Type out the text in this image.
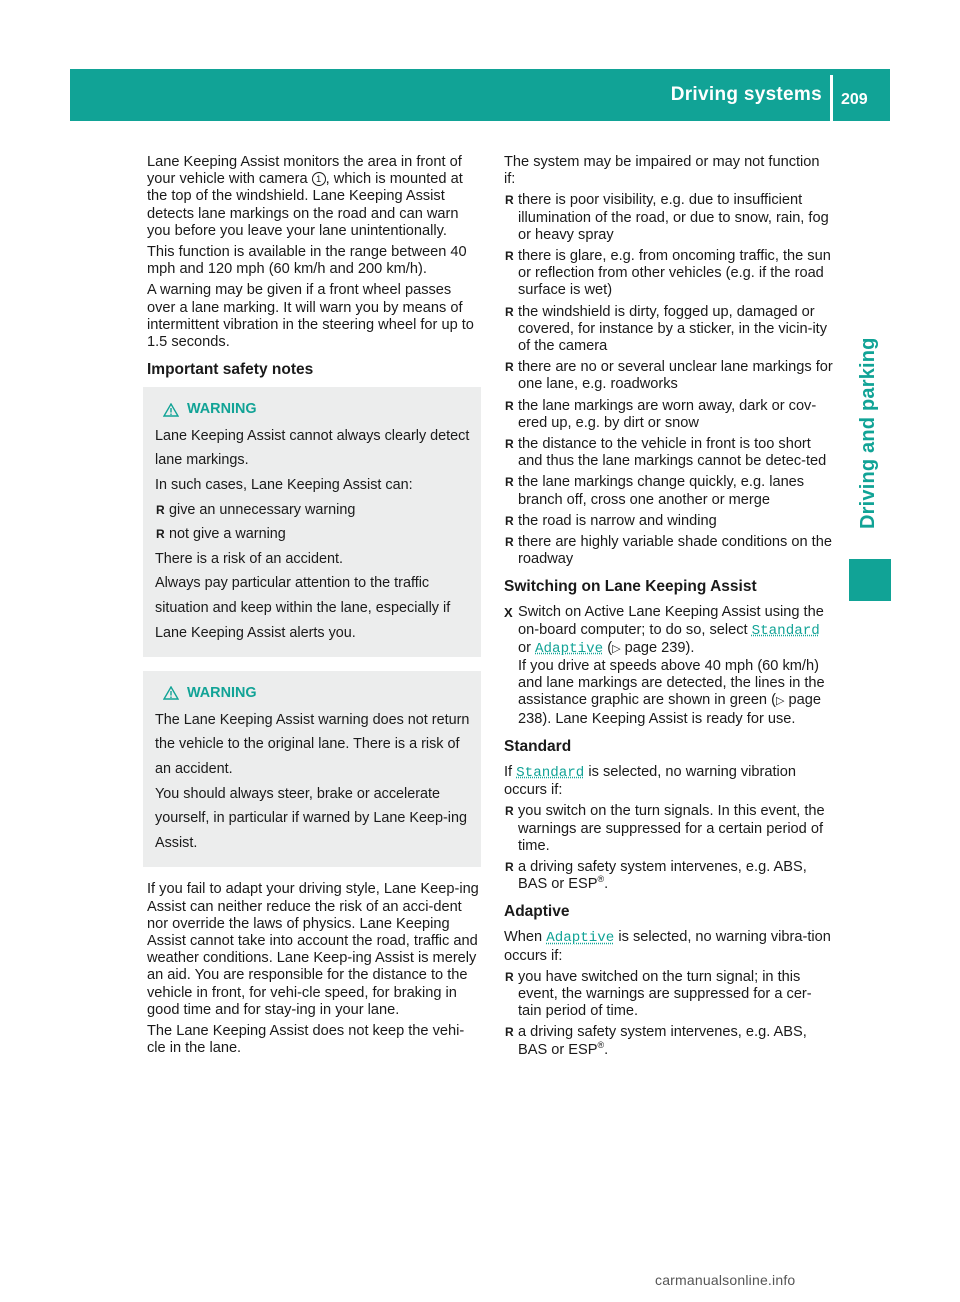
Driving systems 209
Driving and parking

Lane Keeping Assist monitors the area in front of your vehicle with camera 1 , which is mounted at the top of the windshield. Lane Keeping Assist detects lane markings on the road and can warn you before you leave your lane unintentionally.

This function is available in the range between 40 mph and 120 mph (60 km/h and 200 km/h).

A warning may be given if a front wheel passes over a lane marking. It will warn you by means of intermittent vibration in the steering wheel for up to 1.5 seconds.

Important safety notes
WARNING

Lane Keeping Assist cannot always clearly detect lane markings.

In such cases, Lane Keeping Assist can:

R give an unnecessary warning
R not give a warning

There is a risk of an accident.

Always pay particular attention to the traffic situation and keep within the lane, especially if Lane Keeping Assist alerts you.

WARNING

The Lane Keeping Assist warning does not return the vehicle to the original lane. There is a risk of an accident.

You should always steer, brake or accelerate yourself, in particular if warned by Lane Keep-ing Assist.

If you fail to adapt your driving style, Lane Keep-ing Assist can neither reduce the risk of an acci-dent nor override the laws of physics. Lane Keeping Assist cannot take into account the road, traffic and weather conditions. Lane Keep-ing Assist is merely an aid. You are responsible for the distance to the vehicle in front, for vehi-cle speed, for braking in good time and for stay-ing in your lane.

The Lane Keeping Assist does not keep the vehi-cle in the lane.

The system may be impaired or may not function if:

R there is poor visibility, e.g. due to insufficient illumination of the road, or due to snow, rain, fog or heavy spray
R there is glare, e.g. from oncoming traffic, the sun or reflection from other vehicles (e.g. if the road surface is wet)
R the windshield is dirty, fogged up, damaged or covered, for instance by a sticker, in the vicin-ity of the camera
R there are no or several unclear lane markings for one lane, e.g. roadworks
R the lane markings are worn away, dark or cov-ered up, e.g. by dirt or snow
R the distance to the vehicle in front is too short and thus the lane markings cannot be detec-ted
R the lane markings change quickly, e.g. lanes branch off, cross one another or merge
R the road is narrow and winding
R there are highly variable shade conditions on the roadway
Switching on Lane Keeping Assist
X Switch on Active Lane Keeping Assist using the on-board computer; to do so, select Standard or Adaptive (▷ page 239).
If you drive at speeds above 40 mph (60 km/h) and lane markings are detected, the lines in the assistance graphic are shown in green (▷ page 238). Lane Keeping Assist is ready for use.
Standard

If Standard is selected, no warning vibration occurs if:

R you switch on the turn signals. In this event, the warnings are suppressed for a certain period of time.
R a driving safety system intervenes, e.g. ABS, BAS or ESP®.
Adaptive

When Adaptive is selected, no warning vibra-tion occurs if:

R you have switched on the turn signal; in this event, the warnings are suppressed for a cer-tain period of time.
R a driving safety system intervenes, e.g. ABS, BAS or ESP®.
carmanualsonline.info
